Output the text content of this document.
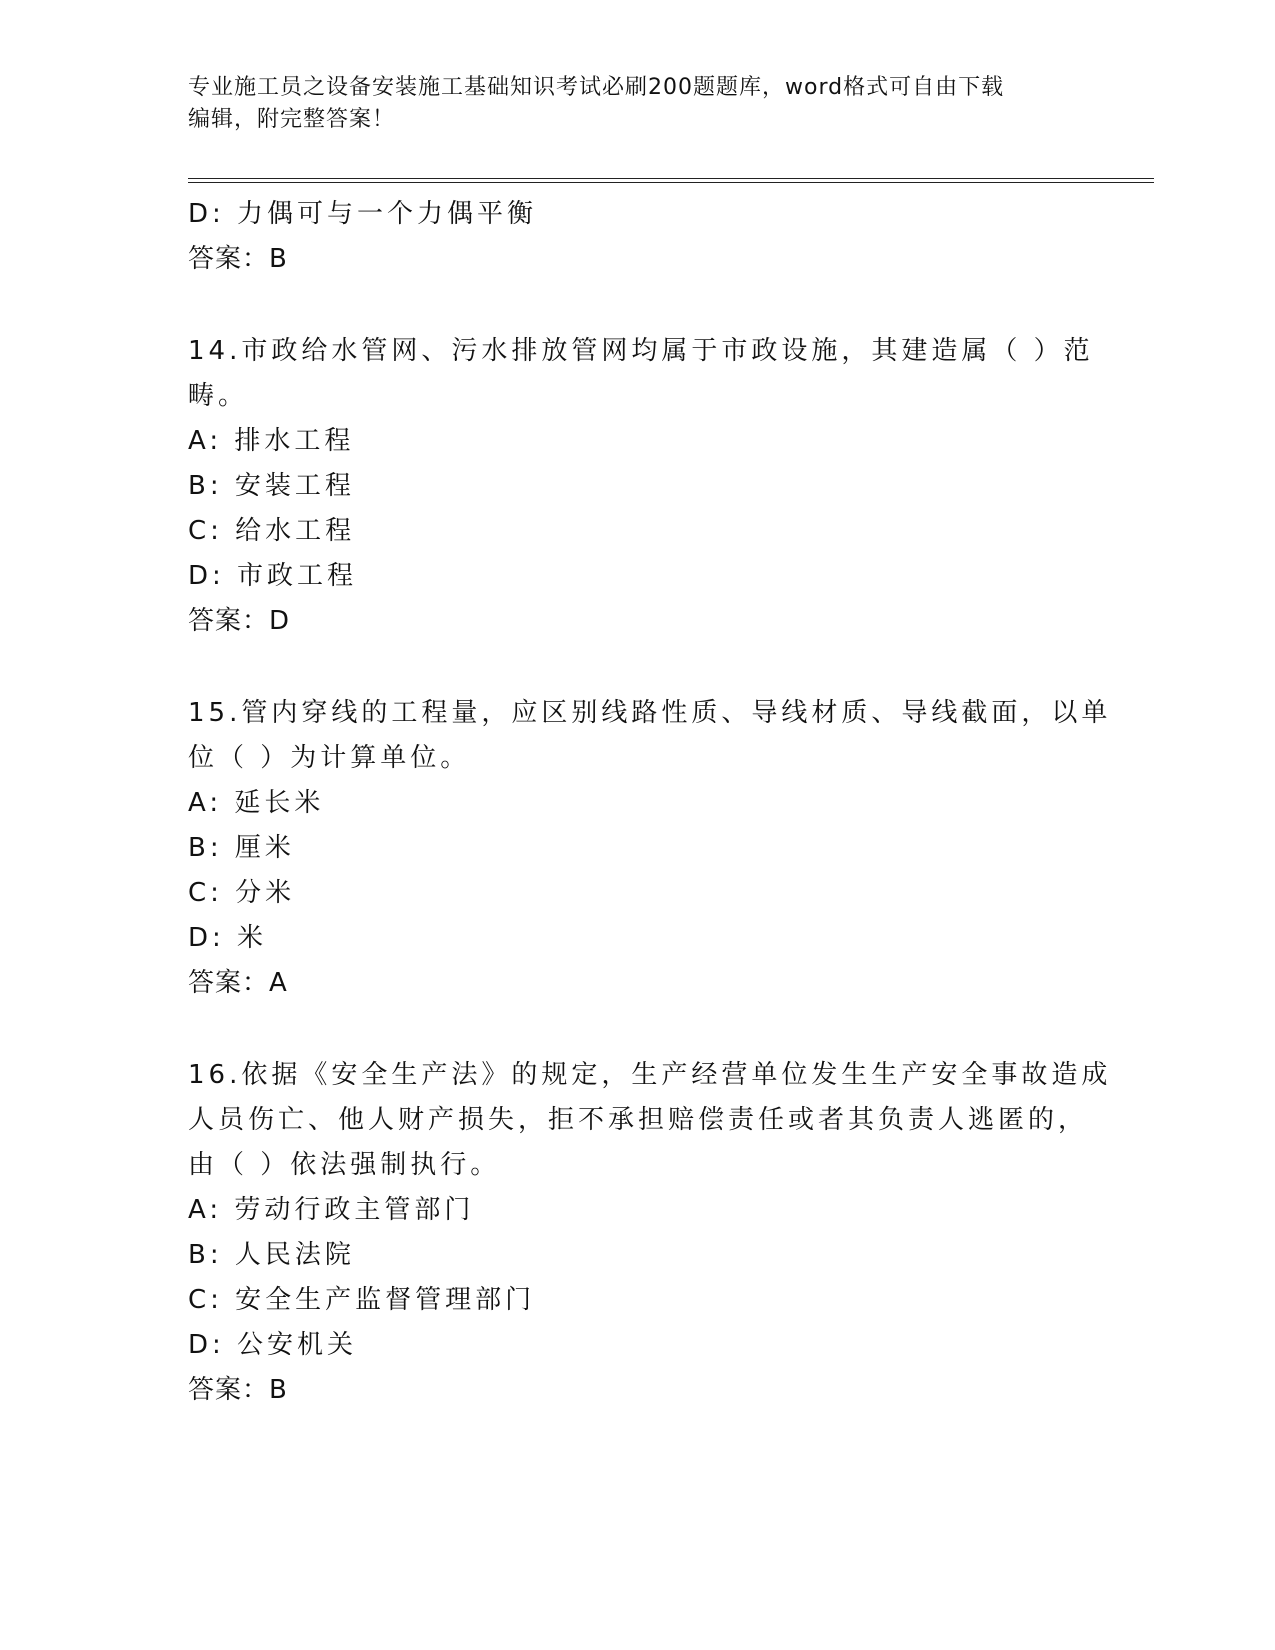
专业施工员之设备安装施工基础知识考试必刷200题题库，word格式可自由下载
编辑，附完整答案！
D: 力偶可与一个力偶平衡
答案：B
14.市政给水管网、污水排放管网均属于市政设施，其建造属（ ）范
畴。
A: 排水工程
B: 安装工程
C: 给水工程
D: 市政工程
答案：D
15.管内穿线的工程量，应区别线路性质、导线材质、导线截面，以单
位（ ）为计算单位。
A: 延长米
B: 厘米
C: 分米
D: 米
答案：A
16.依据《安全生产法》的规定，生产经营单位发生生产安全事故造成
人员伤亡、他人财产损失，拒不承担赔偿责任或者其负责人逃匿的，
由（ ）依法强制执行。
A: 劳动行政主管部门
B: 人民法院
C: 安全生产监督管理部门
D: 公安机关
答案：B
